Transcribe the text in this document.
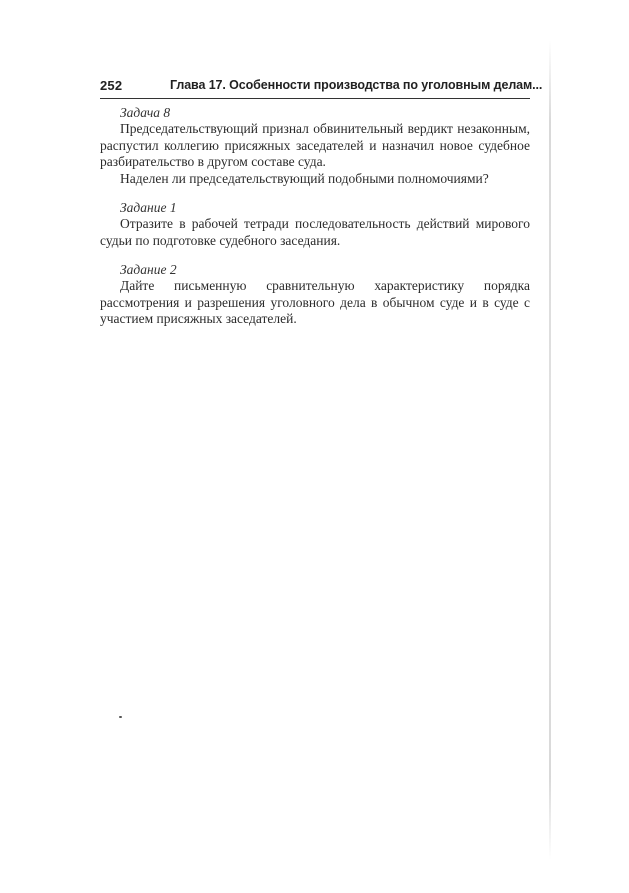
252	Глава 17. Особенности производства по уголовным делам...

Задача 8

Председательствующий признал обвинительный вердикт незаконным, распустил коллегию присяжных заседателей и назначил новое судебное разбирательство в другом составе суда.

Наделен ли председательствующий подобными полномочиями?

Задание 1

Отразите в рабочей тетради последовательность действий мирового судьи по подготовке судебного заседания.

Задание 2

Дайте письменную сравнительную характеристику порядка рассмотрения и разрешения уголовного дела в обычном суде и в суде с участием присяжных заседателей.
